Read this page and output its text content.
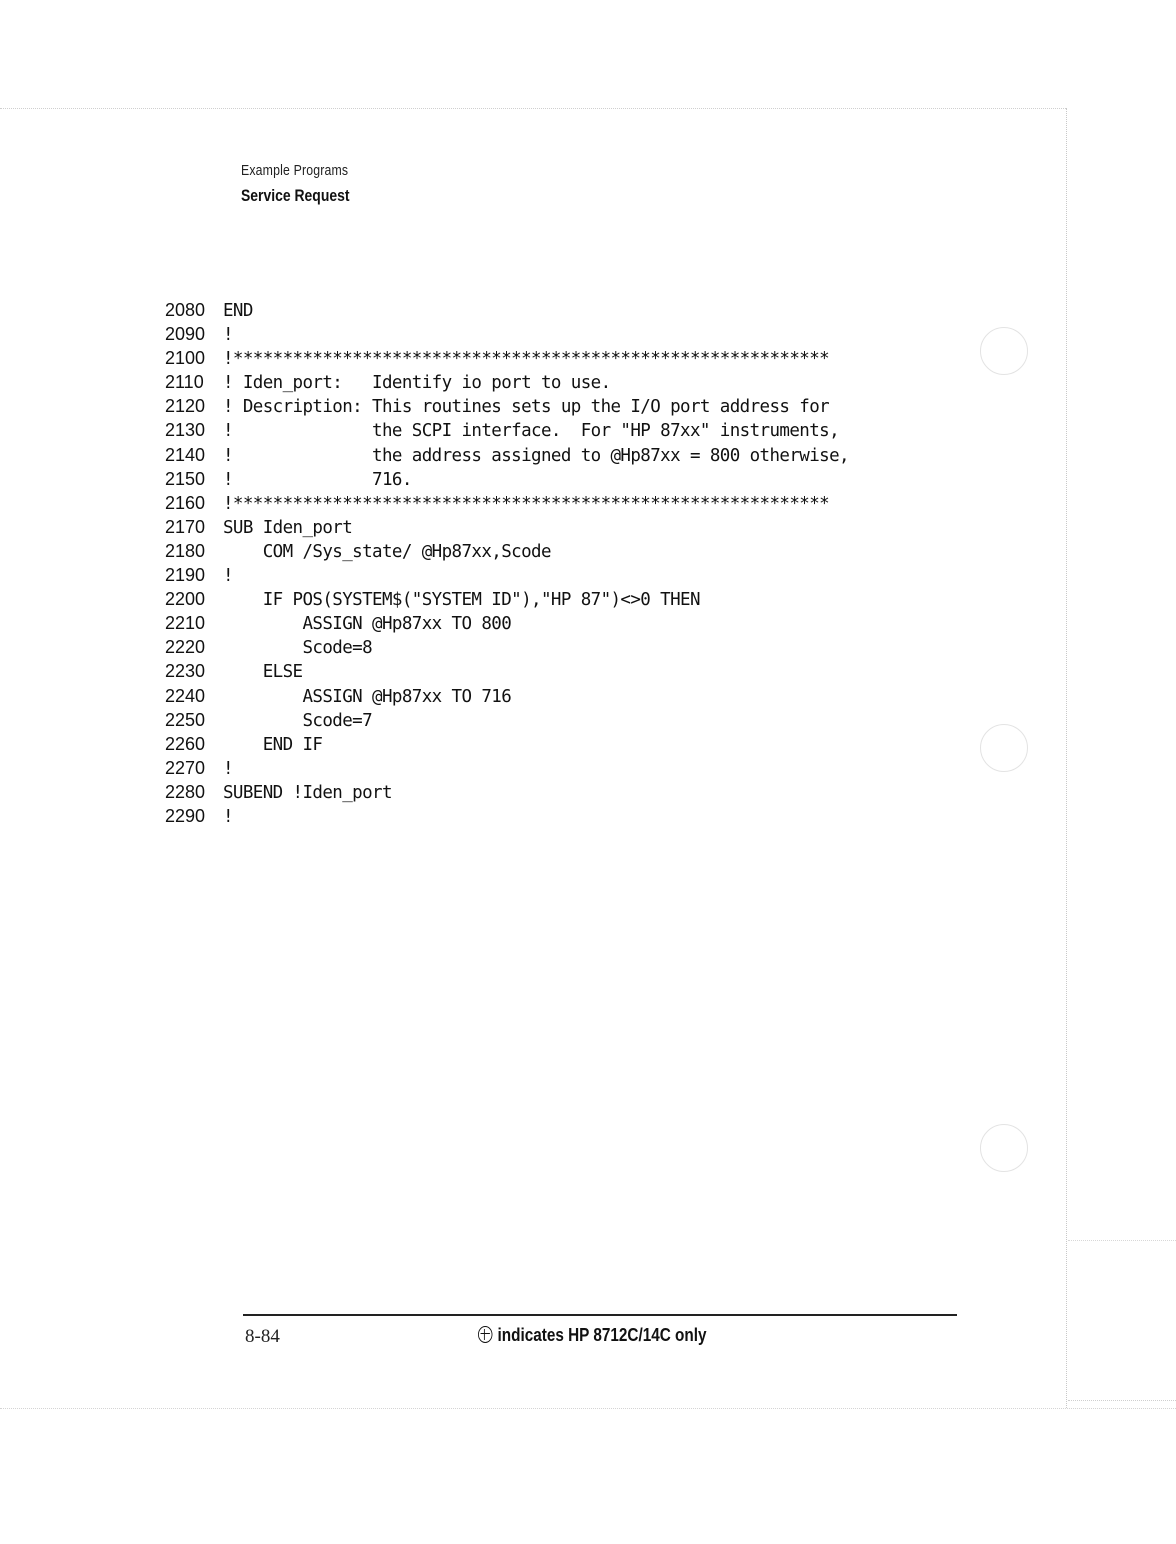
Example Programs
Service Request
2080 END
2090 !
2100 !************************************************************
2110 ! Iden_port:   Identify io port to use.
2120 ! Description: This routines sets up the I/O port address for
2130 !              the SCPI interface.  For "HP 87xx" instruments,
2140 !              the address assigned to @Hp87xx = 800 otherwise,
2150 !              716.
2160 !************************************************************
2170 SUB Iden_port
2180    COM /Sys_state/ @Hp87xx,Scode
2190 !
2200    IF POS(SYSTEM$("SYSTEM ID"),"HP 87")<>0 THEN
2210        ASSIGN @Hp87xx TO 800
2220        Scode=8
2230    ELSE
2240        ASSIGN @Hp87xx TO 716
2250        Scode=7
2260    END IF
2270 !
2280 SUBEND !Iden_port
2290 !
8-84	indicates HP 8712C/14C only
